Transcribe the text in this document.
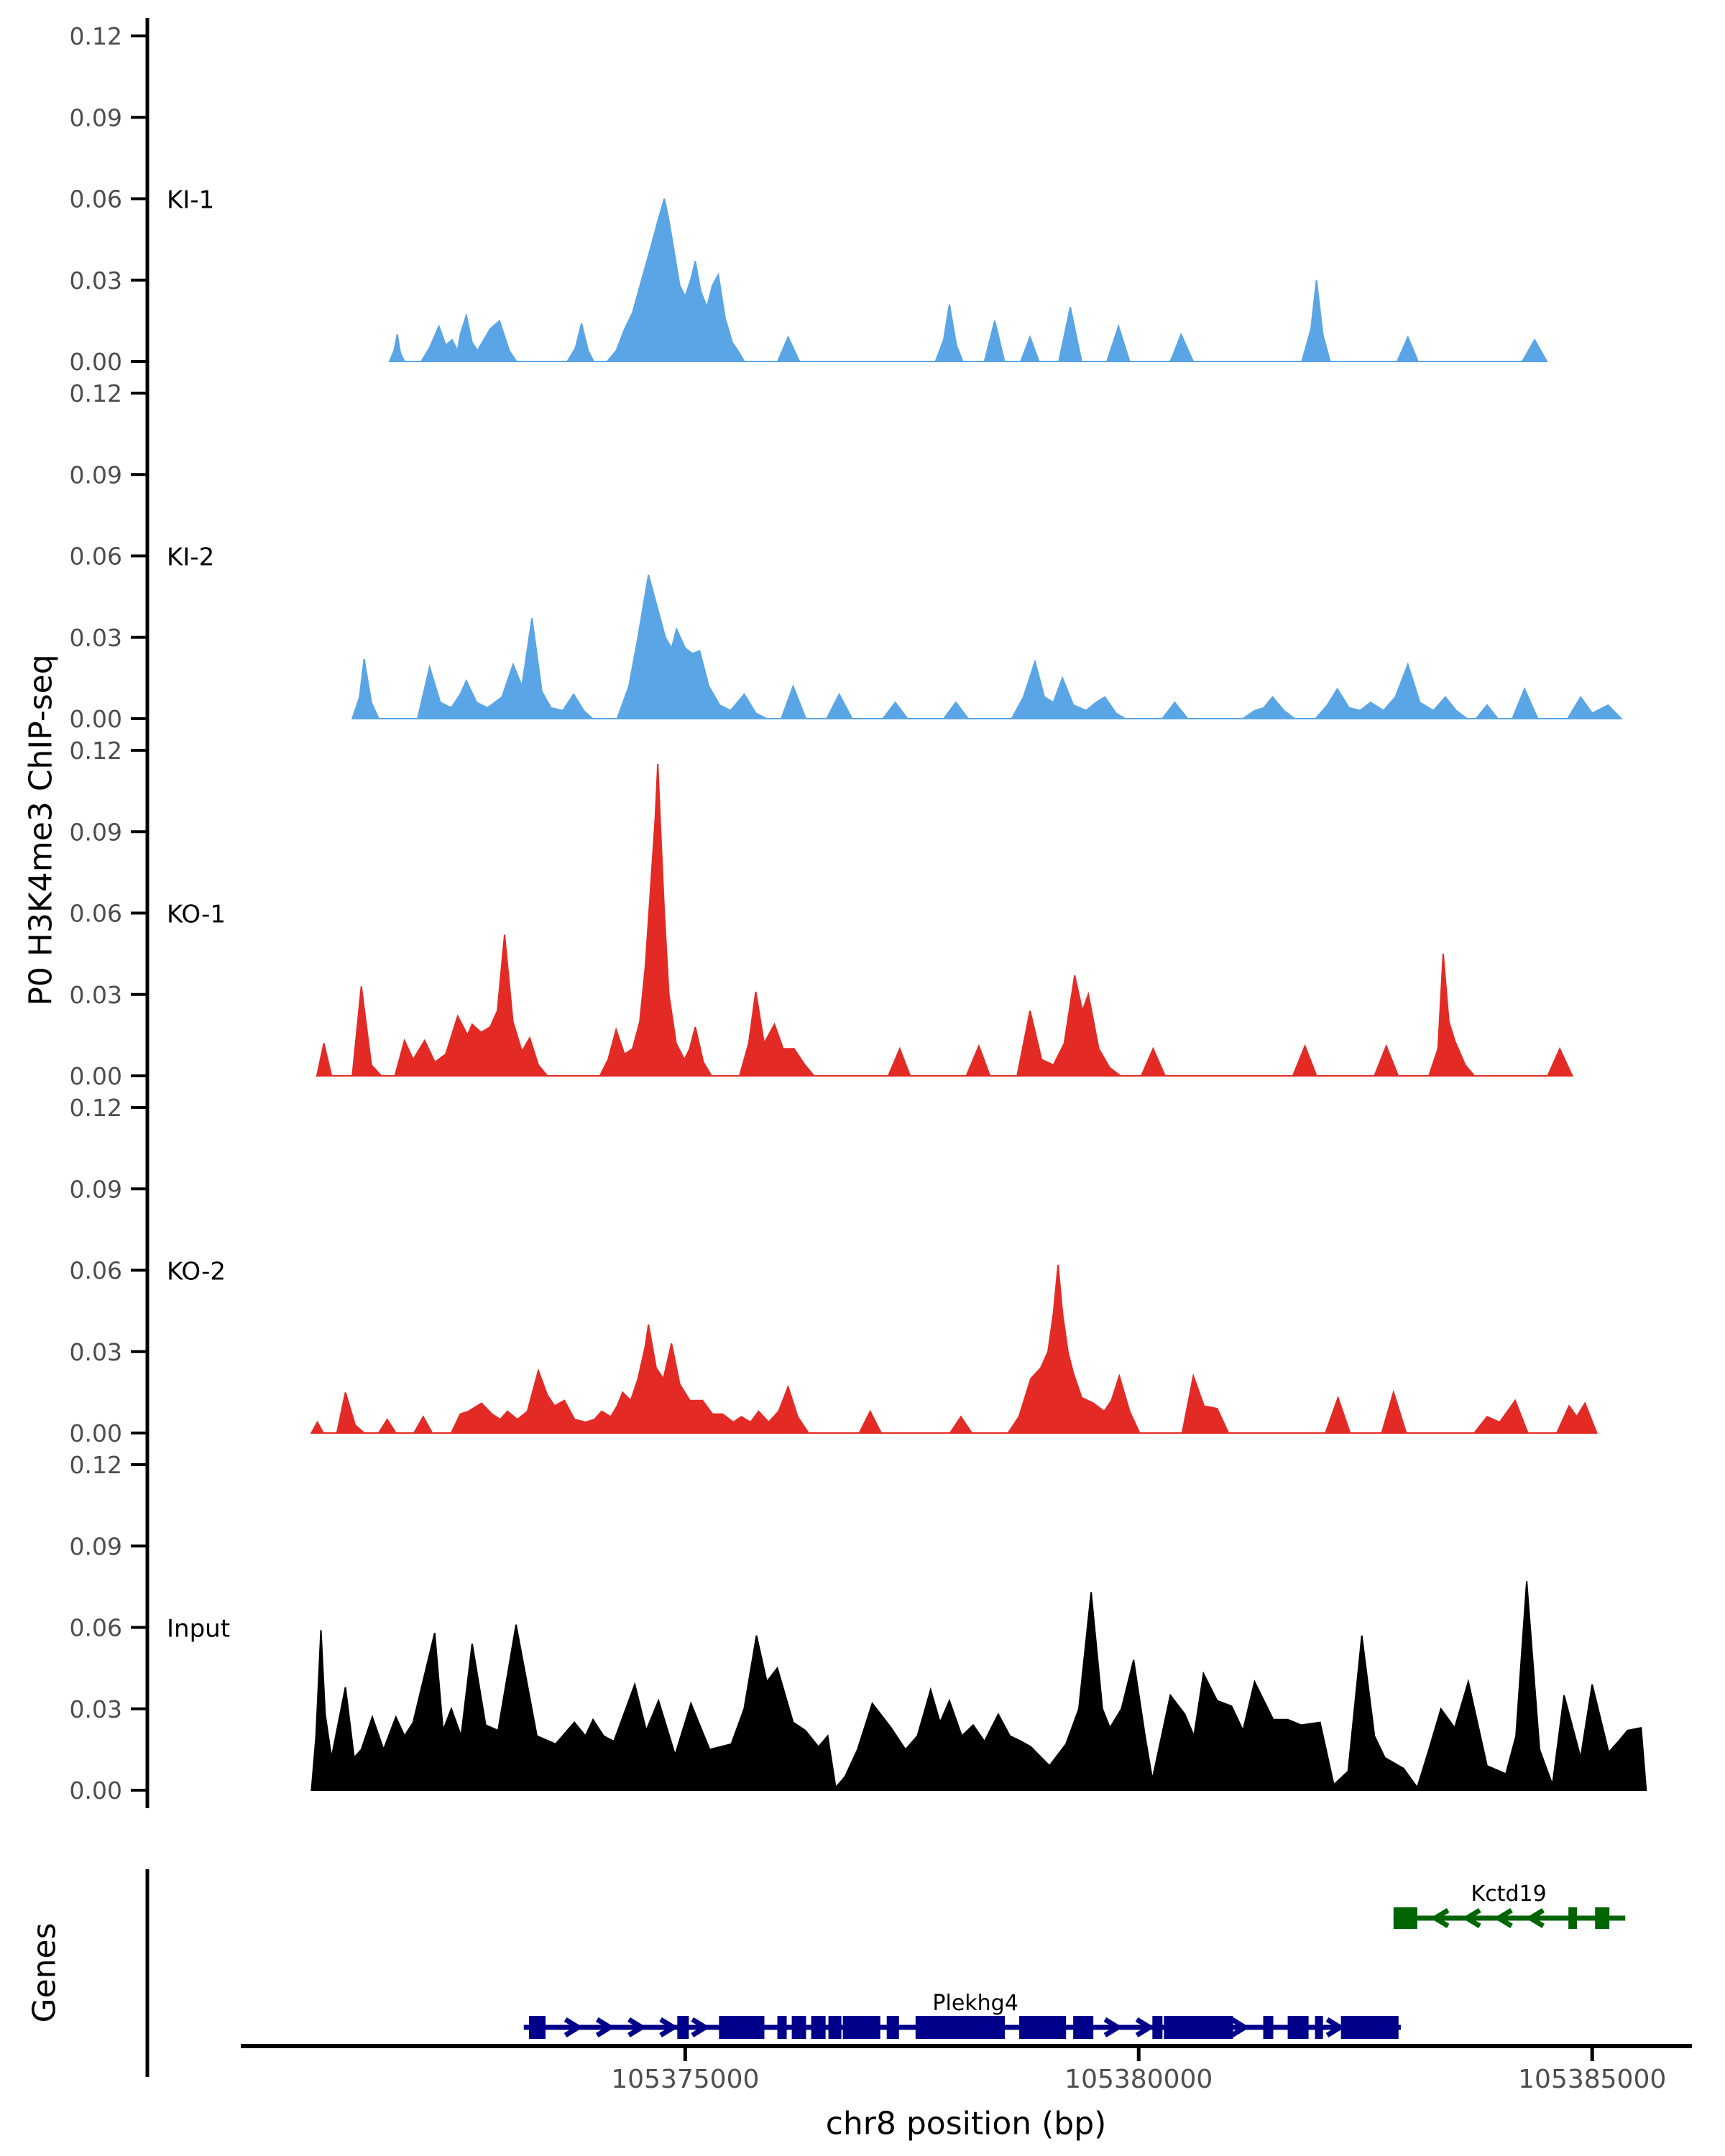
P0 H3K4me3 ChIP-seq
Genes
chr8 position (bp)
0.00
0.03
0.06
0.09
0.12
KI-1
0.00
0.03
0.06
0.09
0.12
KI-2
0.00
0.03
0.06
0.09
0.12
KO-1
0.00
0.03
0.06
0.09
0.12
KO-2
0.00
0.03
0.06
0.09
0.12
Input
Plekhg4
Kctd19
105375000	105380000	105385000
